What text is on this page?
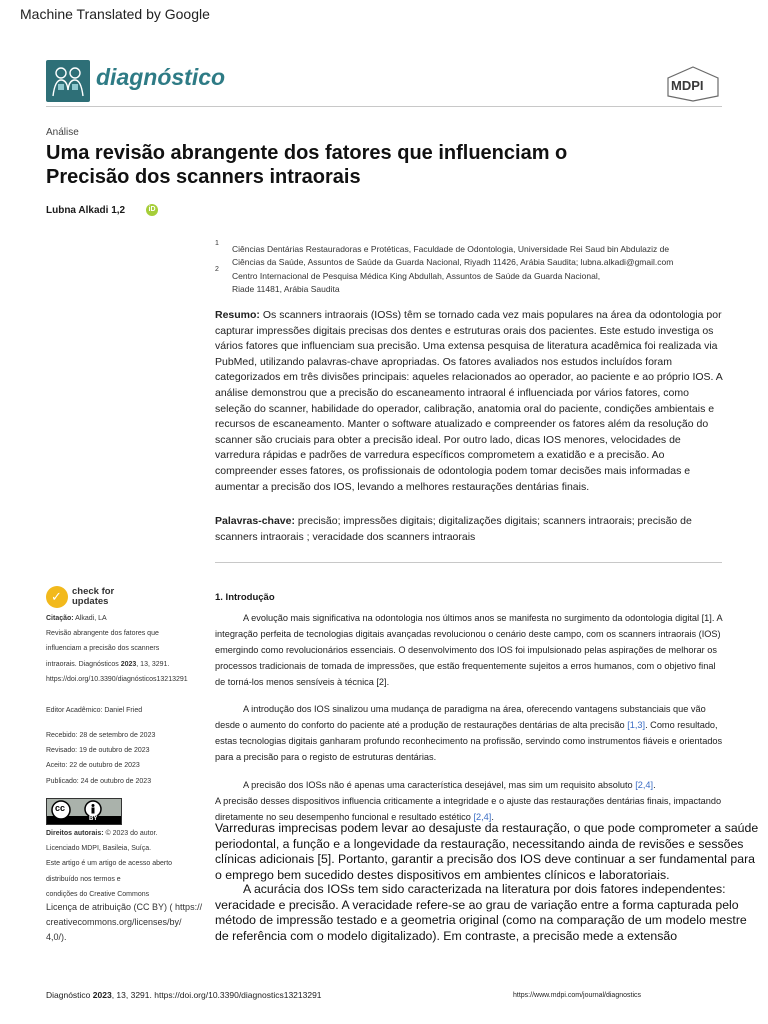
Machine Translated by Google
diagnóstico	MDPI
Análise
Uma revisão abrangente dos fatores que influenciam o
Precisão dos scanners intraorais
Lubna Alkadi 1,2	iD
1
Ciências Dentárias Restauradoras e Protéticas, Faculdade de Odontologia, Universidade Rei Saud bin Abdulaziz de
Ciências da Saúde, Assuntos de Saúde da Guarda Nacional, Riyadh 11426, Arábia Saudita; lubna.alkadi@gmail.com
2
Centro Internacional de Pesquisa Médica King Abdullah, Assuntos de Saúde da Guarda Nacional,
Riade 11481, Arábia Saudita
Resumo: Os scanners intraorais (IOSs) têm se tornado cada vez mais populares na área da odontologia por capturar impressões digitais precisas dos dentes e estruturas orais dos pacientes. Este estudo investiga os vários fatores que influenciam sua precisão. Uma extensa pesquisa de literatura acadêmica foi realizada via PubMed, utilizando palavras-chave apropriadas. Os fatores avaliados nos estudos incluídos foram categorizados em três divisões principais: aqueles relacionados ao operador, ao paciente e ao próprio IOS. A análise demonstrou que a precisão do escaneamento intraoral é influenciada por vários fatores, como seleção do scanner, habilidade do operador, calibração, anatomia oral do paciente, condições ambientais e recursos de escaneamento. Manter o software atualizado e compreender os fatores além da resolução do scanner são cruciais para obter a precisão ideal. Por outro lado, dicas IOS menores, velocidades de varredura rápidas e padrões de varredura específicos comprometem a exatidão e a precisão. Ao compreender esses fatores, os profissionais de odontologia podem tomar decisões mais informadas e aumentar a precisão dos IOS, levando a melhores restaurações dentárias finais.
Palavras-chave: precisão; impressões digitais; digitalizações digitais; scanners intraorais; precisão de scanners intraorais ; veracidade dos scanners intraorais
✓ check for
updates
Citação: Alkadi, LA
Revisão abrangente dos fatores que
influenciam a precisão dos scanners
intraorais. Diagnósticos 2023, 13, 3291.
https://doi.org/10.3390/diagnósticos13213291
Editor Acadêmico: Daniel Fried
Recebido: 28 de setembro de 2023
Revisado: 19 de outubro de 2023
Aceito: 22 de outubro de 2023
Publicado: 24 de outubro de 2023
cc
BY
Direitos autorais: © 2023 do autor.
Licenciado MDPI, Basileia, Suíça.
Este artigo é um artigo de acesso aberto
distribuído nos termos e
condições do Creative Commons
Licença de atribuição (CC BY) ( https://
creativecommons.org/licenses/by/
4,0/).
1. Introdução
A evolução mais significativa na odontologia nos últimos anos se manifesta no surgimento da odontologia digital [1]. A integração perfeita de tecnologias digitais avançadas revolucionou o cenário deste campo, com os scanners intraorais (IOS) emergindo como revolucionários essenciais. O desenvolvimento dos IOS foi impulsionado pelas aspirações de melhorar os processos tradicionais de tomada de impressões, que estão frequentemente sujeitos a erros humanos, com o objetivo final de torná-los menos sensíveis à técnica [2].
A introdução dos IOS sinalizou uma mudança de paradigma na área, oferecendo vantagens substanciais que vão desde o aumento do conforto do paciente até a produção de restaurações dentárias de alta precisão [1,3]. Como resultado, estas tecnologias digitais ganharam profundo reconhecimento na profissão, servindo como instrumentos fiáveis e orientados para a precisão para o registo de estruturas dentárias.
A precisão dos IOSs não é apenas uma característica desejável, mas sim um requisito absoluto [2,4].
A precisão desses dispositivos influencia criticamente a integridade e o ajuste das restaurações dentárias finais, impactando diretamente no seu desempenho funcional e resultado estético [2,4].
Varreduras imprecisas podem levar ao desajuste da restauração, o que pode comprometer a saúde periodontal, a função e a longevidade da restauração, necessitando ainda de revisões e sessões clínicas adicionais [5]. Portanto, garantir a precisão dos IOS deve continuar a ser fundamental para o emprego bem sucedido destes dispositivos em ambientes clínicos e laboratoriais.
A acurácia dos IOSs tem sido caracterizada na literatura por dois fatores independentes: veracidade e precisão. A veracidade refere-se ao grau de variação entre a forma capturada pelo método de impressão testado e a geometria original (como na comparação de um modelo mestre de referência com o modelo digitalizado). Em contraste, a precisão mede a extensão
Diagnóstico 2023, 13, 3291. https://doi.org/10.3390/diagnostics13213291	https://www.mdpi.com/journal/diagnostics
